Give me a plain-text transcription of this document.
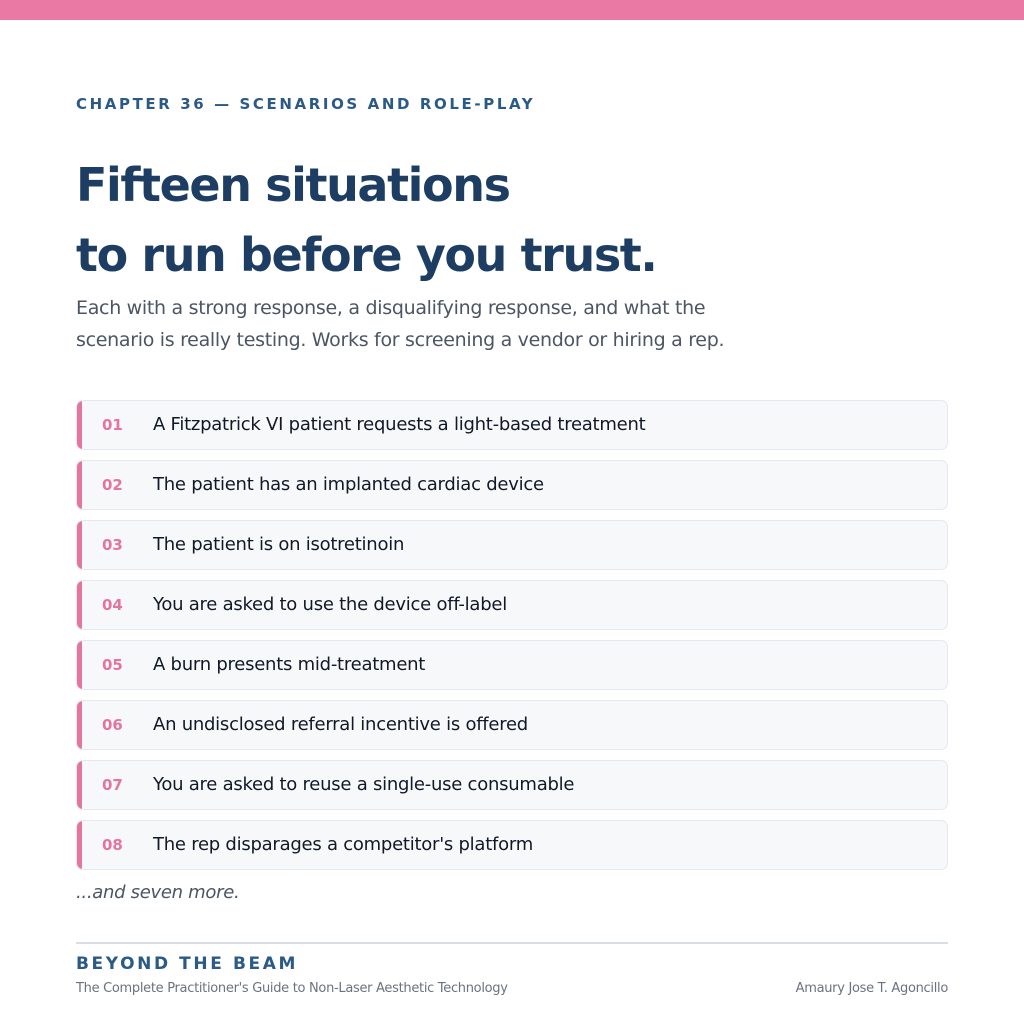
CHAPTER 36 — SCENARIOS AND ROLE-PLAY
Fifteen situations
to run before you trust.

Each with a strong response, a disqualifying response, and what the
scenario is really testing. Works for screening a vendor or hiring a rep.

01 A Fitzpatrick VI patient requests a light-based treatment
02 The patient has an implanted cardiac device
03 The patient is on isotretinoin
04 You are asked to use the device off-label
05 A burn presents mid-treatment
06 An undisclosed referral incentive is offered
07 You are asked to reuse a single-use consumable
08 The rep disparages a competitor's platform
...and seven more.
BEYOND THE BEAM
The Complete Practitioner's Guide to Non-Laser Aesthetic Technology	Amaury Jose T. Agoncillo
